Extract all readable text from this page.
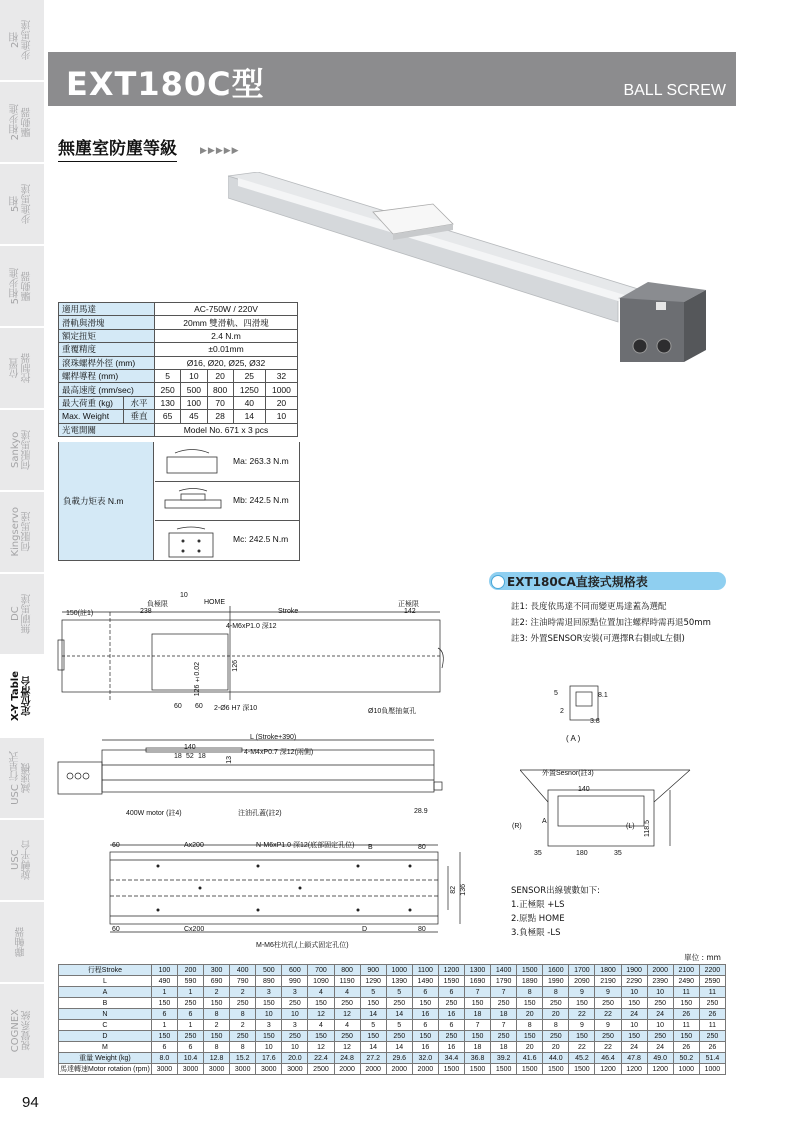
2相
步進馬達
2相步進
驅動器
5相
步進馬達
5相步進
驅動器
位置
控制器
Sankyo
伺服馬達
Kingservo
伺服馬達
DC
無刷馬達
X-Y Table
定位滑台
USC 行星式
減速機
USC
旋轉平台
聯軸器
COGNEX
視覺系統
EXT180C型	BALL SCREW
無塵室防塵等級	▶▶▶▶▶
適用馬達		AC-750W / 220V				
滑軌與滑塊		20mm 雙滑軌、四滑塊				
額定扭矩		2.4 N.m				
重覆精度		±0.01mm				
滾珠螺桿外徑 (mm)		Ø16, Ø20, Ø25, Ø32				
螺桿導程 (mm)		5	10	20	25	32
最高速度 (mm/sec)		250	500	800	1250	1000
最大荷重 (kg)	水平	130	100	70	40	20
Max. Weight	垂直	65	45	28	14	10
光電開關		Model No. 671 x 3 pcs				
負載力矩表 N.m
Ma: 263.3 N.m
Mb: 242.5 N.m
Mc: 242.5 N.m
EXT180CA直接式規格表
註1: 長度依馬達不同而變更馬達蓋為選配
註2: 注油時需退回原點位置加注螺桿時需再退50mm
註3: 外置SENSOR安裝(可選擇R右側或L左側)
150(註1)	238
10
負極限	HOME
Stroke
正極限
142
4-M6xP1.0 深12
126 ±0.02	126
60 60 2-Ø6 H7 深10	Ø10負壓抽氣孔
L (Stroke+390)
140
18 52 18	13
4-M4xP0.7 深12(兩側)
400W motor (註4)	注油孔蓋(註2)	28.9
60	Ax200	N-M6xP1.0 深12(底部固定孔位) B	80
82 136
60	Cx200	D	80
M-M6柱坑孔(上鎖式固定孔位)
5	8.1
2
3.8
( A )
外置Sesnor(註3)
140
(R)
A
(L) 118.5
35	180	35
SENSOR出線號數如下:
1.正極限 +LS
2.原點 HOME
3.負極限 -LS
單位 : mm
行程Stroke	100	200	300	400	500	600	700	800	900	1000	1100	1200	1300	1400	1500	1600	1700	1800	1900	2000	2100	2200
L	490	590	690	790	890	990	1090	1190	1290	1390	1490	1590	1690	1790	1890	1990	2090	2190	2290	2390	2490	2590
A	1	1	2	2	3	3	4	4	5	5	6	6	7	7	8	8	9	9	10	10	11	11
B	150	250	150	250	150	250	150	250	150	250	150	250	150	250	150	250	150	250	150	250	150	250
N	6	6	8	8	10	10	12	12	14	14	16	16	18	18	20	20	22	22	24	24	26	26
C	1	1	2	2	3	3	4	4	5	5	6	6	7	7	8	8	9	9	10	10	11	11
D	150	250	150	250	150	250	150	250	150	250	150	250	150	250	150	250	150	250	150	250	150	250
M	6	6	8	8	10	10	12	12	14	14	16	16	18	18	20	20	22	22	24	24	26	26
重量 Weight (kg)	8.0	10.4	12.8	15.2	17.6	20.0	22.4	24.8	27.2	29.6	32.0	34.4	36.8	39.2	41.6	44.0	45.2	46.4	47.8	49.0	50.2	51.4
馬達轉速Motor rotation (rpm)	3000	3000	3000	3000	3000	3000	2500	2000	2000	2000	2000	1500	1500	1500	1500	1500	1500	1200	1200	1200	1000	1000
94
